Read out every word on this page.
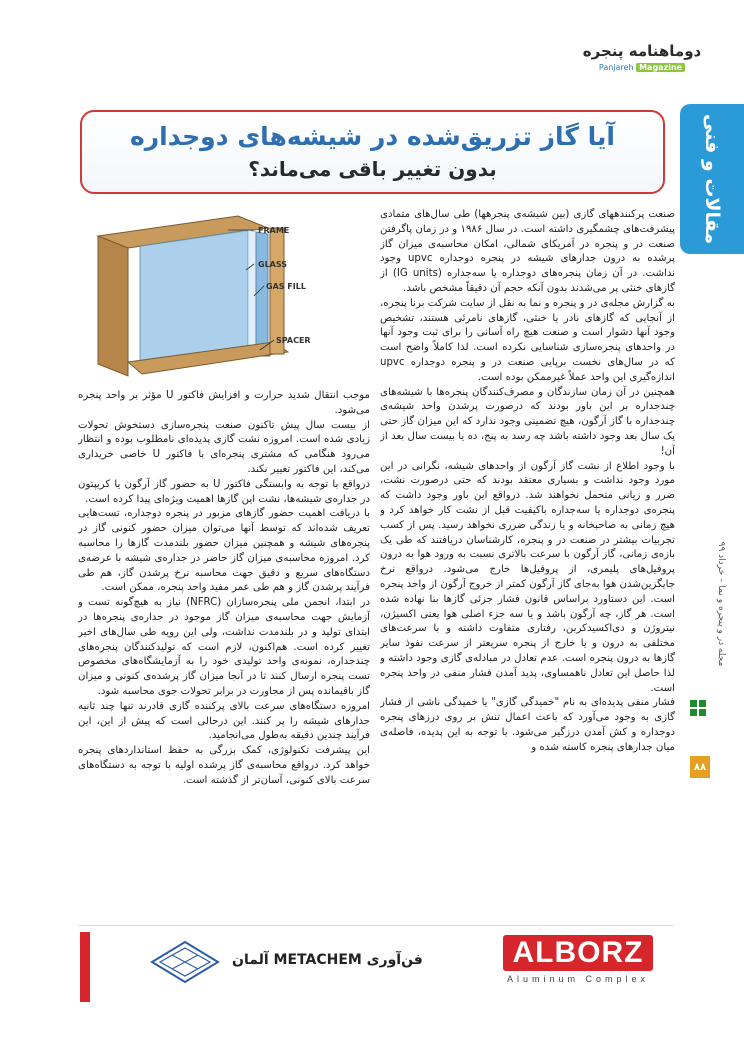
دوماهنامه پنجره
Panjareh Magazine
مقالات و فنی
مجله در و پنجره و نما – خرداد ۹۹
۸۸
آیا گاز تزریق‌شده در شیشه‌های دوجداره
بدون تغییر باقی می‌ماند؟
FRAME
GLASS
GAS FILL
SPACER

صنعت پرکنندههای گازی (بین شیشه‌ی پنجرهها) طی سال‌های متمادی پیشرفت‌های چشمگیری داشته است. در سال ۱۹۸۶ و در زمان پاگرفتن صنعت در و پنجره در آمریکای شمالی، امکان محاسبه‌ی میزان گاز پرشده به درون جدارهای شیشه در پنجره دوجداره upvc وجود نداشت. در آن زمان پنجره‌های دوجداره یا سه‌جداره (IG units) از گازهای خنثی پر می‌شدند بدون آنکه حجم آن دقیقاً مشخص باشد.

به گزارش مجله‌ی در و پنجره و نما به نقل از سایت شرکت برنا پنجره، از آنجایی که گازهای نادر یا خنثی، گازهای نامرئی هستند، تشخیص وجود آنها دشوار است و صنعت هیچ راه آسانی را برای ثبت وجود آنها در واحدهای پنجره‌سازی شناسایی نکرده است. لذا کاملاً واضح است که در سال‌های نخست برپایی صنعت در و پنجره دوجداره upvc اندازه‌گیری این واحد عملاً غیرممکن بوده است.

همچنین در آن زمان سازندگان و مصرف‌کنندگان پنجره‌ها با شیشه‌های چندجداره بر این باور بودند که درصورت پرشدن واحد شیشه‌ی چندجداره با گاز آرگون، هیچ تضمینی وجود ندارد که این میزان گاز حتی یک سال بعد وجود داشته باشد چه رسد به پنج، ده یا بیست سال بعد از آن!

با وجود اطلاع از نشت گاز آرگون از واحدهای شیشه، نگرانی در این مورد وجود نداشت و بسیاری معتقد بودند که حتی درصورت نشت، ضرر و زیانی متحمل نخواهند شد. درواقع این باور وجود داشت که پنجره‌ی دوجداره یا سه‌جداره باکیفیت قبل از نشت کار خواهد کرد و هیچ زمانی به صاحبخانه و یا زندگی ضرری نخواهد رسید. پس از کسب تجربیات بیشتر در صنعت در و پنجره، کارشناسان دریافتند که طی یک بازه‌ی زمانی، گاز آرگون با سرعت بالاتری نسبت به ورود هوا به درون پروفیل‌های پلیمری، از پروفیل‌ها خارج می‌شود. درواقع نرخ جایگزین‌شدن هوا به‌جای گاز آرگون کمتر از خروج آرگون از واحد پنجره است. این دستاورد براساس قانون فشار جزئی گازها بنا نهاده شده است. هر گاز، چه آرگون باشد و یا سه جزء اصلی هوا یعنی اکسیژن، نیتروژن و دی‌اکسیدکربن، رفتاری متفاوت داشته و با سرعت‌های مختلفی به درون و یا خارج از پنجره سریعتر از سرعت نفوذ سایر گازها به درون پنجره است. عدم تعادل در مبادله‌ی گازی وجود داشته و لذا حاصل این تعادل ناهمساوی، پدید آمدن فشار منفی در واحد پنجره است.

فشار منفی پدیده‌ای به نام "خمیدگی گازی" یا خمیدگی ناشی از فشار گازی به وجود می‌آورد که باعث اعمال تنش بر روی درزهای پنجره دوجداره و کش آمدن درزگیر می‌شود. با توجه به این پدیده، فاصله‌ی میان جدارهای پنجره کاسته شده و

موجب انتقال شدید حرارت و افزایش فاکتور U مؤثر بر واحد پنجره می‌شود.

از بیست سال پیش تاکنون صنعت پنجره‌سازی دستخوش تحولات زیادی شده است. امروزه نشت گازی پدیده‌ای نامطلوب بوده و انتظار می‌رود هنگامی که مشتری پنجره‌ای با فاکتور U خاصی خریداری می‌کند، این فاکتور تغییر نکند.

درواقع با توجه به وابستگی فاکتور U به حضور گاز آرگون یا کریپتون در جداره‌ی شیشه‌ها، نشت این گازها اهمیت ویژه‌ای پیدا کرده است.

با دریافت اهمیت حضور گازهای مزبور در پنجره دوجداره، تست‌هایی تعریف شده‌اند که توسط آنها می‌توان میزان حضور کنونی گاز در پنجره‌های شیشه و همچنین میزان حضور بلندمدت گازها را محاسبه کرد. امروزه محاسبه‌ی میزان گاز حاضر در جداره‌ی شیشه با عرضه‌ی دستگاه‌های سریع و دقیق جهت محاسبه نرخ پرشدن گاز، هم طی فرآیند پرشدن گاز و هم طی عمر مفید واحد پنجره، ممکن است.

در ابتدا، انجمن ملی پنجره‌سازان (NFRC) نیاز به هیچ‌گونه تست و آزمایش جهت محاسبه‌ی میزان گاز موجود در جداره‌ی پنجره‌ها در ابتدای تولید و در بلندمدت نداشت، ولی این رویه طی سال‌های اخیر تغییر کرده است. هم‌اکنون، لازم است که تولیدکنندگان پنجره‌های چندجداره، نمونه‌ی واحد تولیدی خود را به آزمایشگاه‌های مخصوص تست پنجره ارسال کنند تا در آنجا میزان گاز پرشده‌ی کنونی و میزان گاز باقیمانده پس از مجاورت در برابر تحولات جوی محاسبه شود.

امروزه دستگاه‌های سرعت بالای پرکننده گازی قادرند تنها چند ثانیه جدارهای شیشه را پر کنند. این درحالی است که پیش از این، این فرآیند چندین دقیقه به‌طول می‌انجامید.

این پیشرفت تکنولوژی، کمک بزرگی به حفظ استانداردهای پنجره خواهد کرد. درواقع محاسبه‌ی گاز پرشده اولیه با توجه به دستگاه‌های سرعت بالای کنونی، آسان‌تر از گذشته است.

فن‌آوری METACHEM آلمان	ALBORZ
Aluminum Complex
